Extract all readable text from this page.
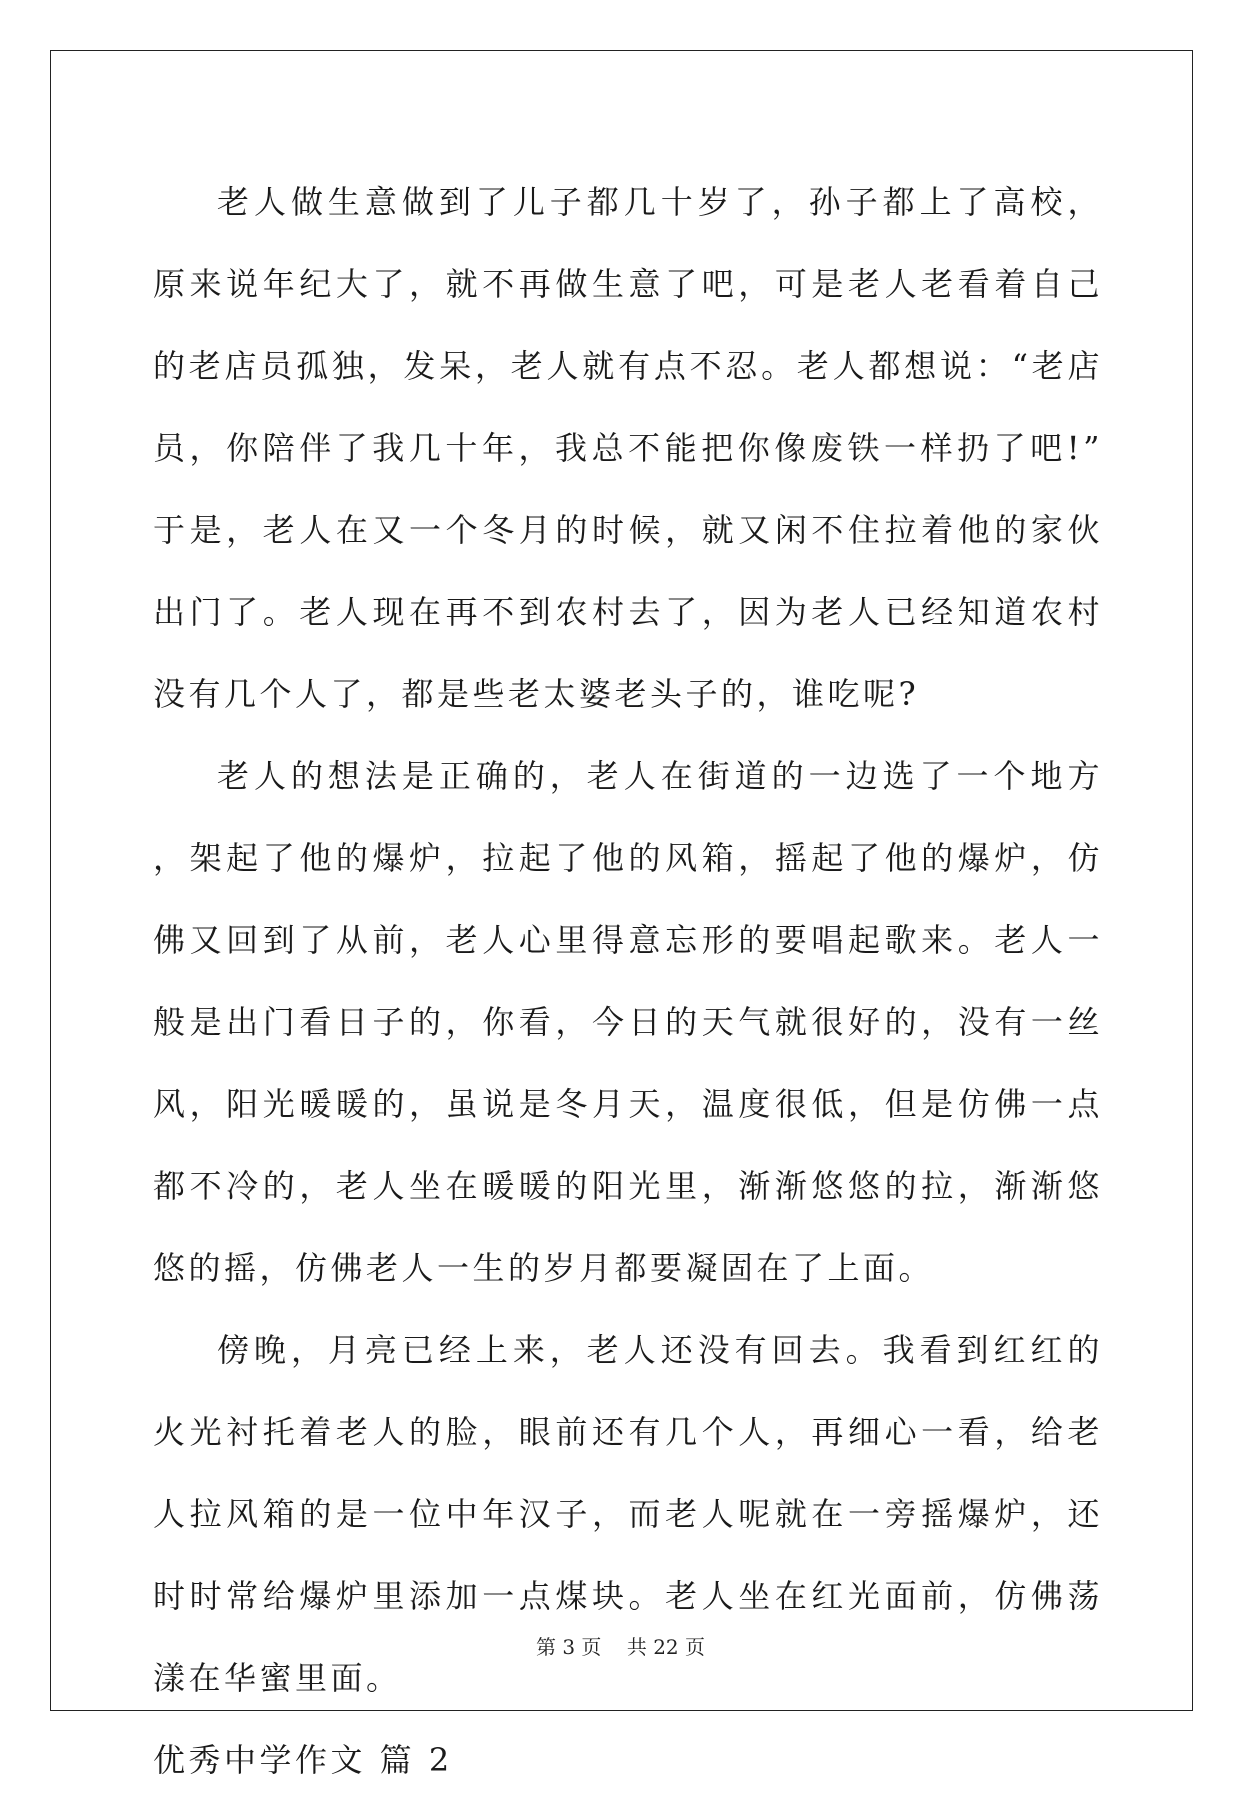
老人做生意做到了儿子都几十岁了，孙子都上了高校，原来说年纪大了，就不再做生意了吧，可是老人老看着自己的老店员孤独，发呆，老人就有点不忍。老人都想说：“老店员，你陪伴了我几十年，我总不能把你像废铁一样扔了吧!”于是，老人在又一个冬月的时候，就又闲不住拉着他的家伙出门了。老人现在再不到农村去了，因为老人已经知道农村没有几个人了，都是些老太婆老头子的，谁吃呢?

老人的想法是正确的，老人在街道的一边选了一个地方，架起了他的爆炉，拉起了他的风箱，摇起了他的爆炉，仿佛又回到了从前，老人心里得意忘形的要唱起歌来。老人一般是出门看日子的，你看，今日的天气就很好的，没有一丝风，阳光暖暖的，虽说是冬月天，温度很低，但是仿佛一点都不冷的，老人坐在暖暖的阳光里，渐渐悠悠的拉，渐渐悠悠的摇，仿佛老人一生的岁月都要凝固在了上面。

傍晚，月亮已经上来，老人还没有回去。我看到红红的火光衬托着老人的脸，眼前还有几个人，再细心一看，给老人拉风箱的是一位中年汉子，而老人呢就在一旁摇爆炉，还时时常给爆炉里添加一点煤块。老人坐在红光面前，仿佛荡漾在华蜜里面。

优秀中学作文 篇 2

第 3 页    共 22 页
